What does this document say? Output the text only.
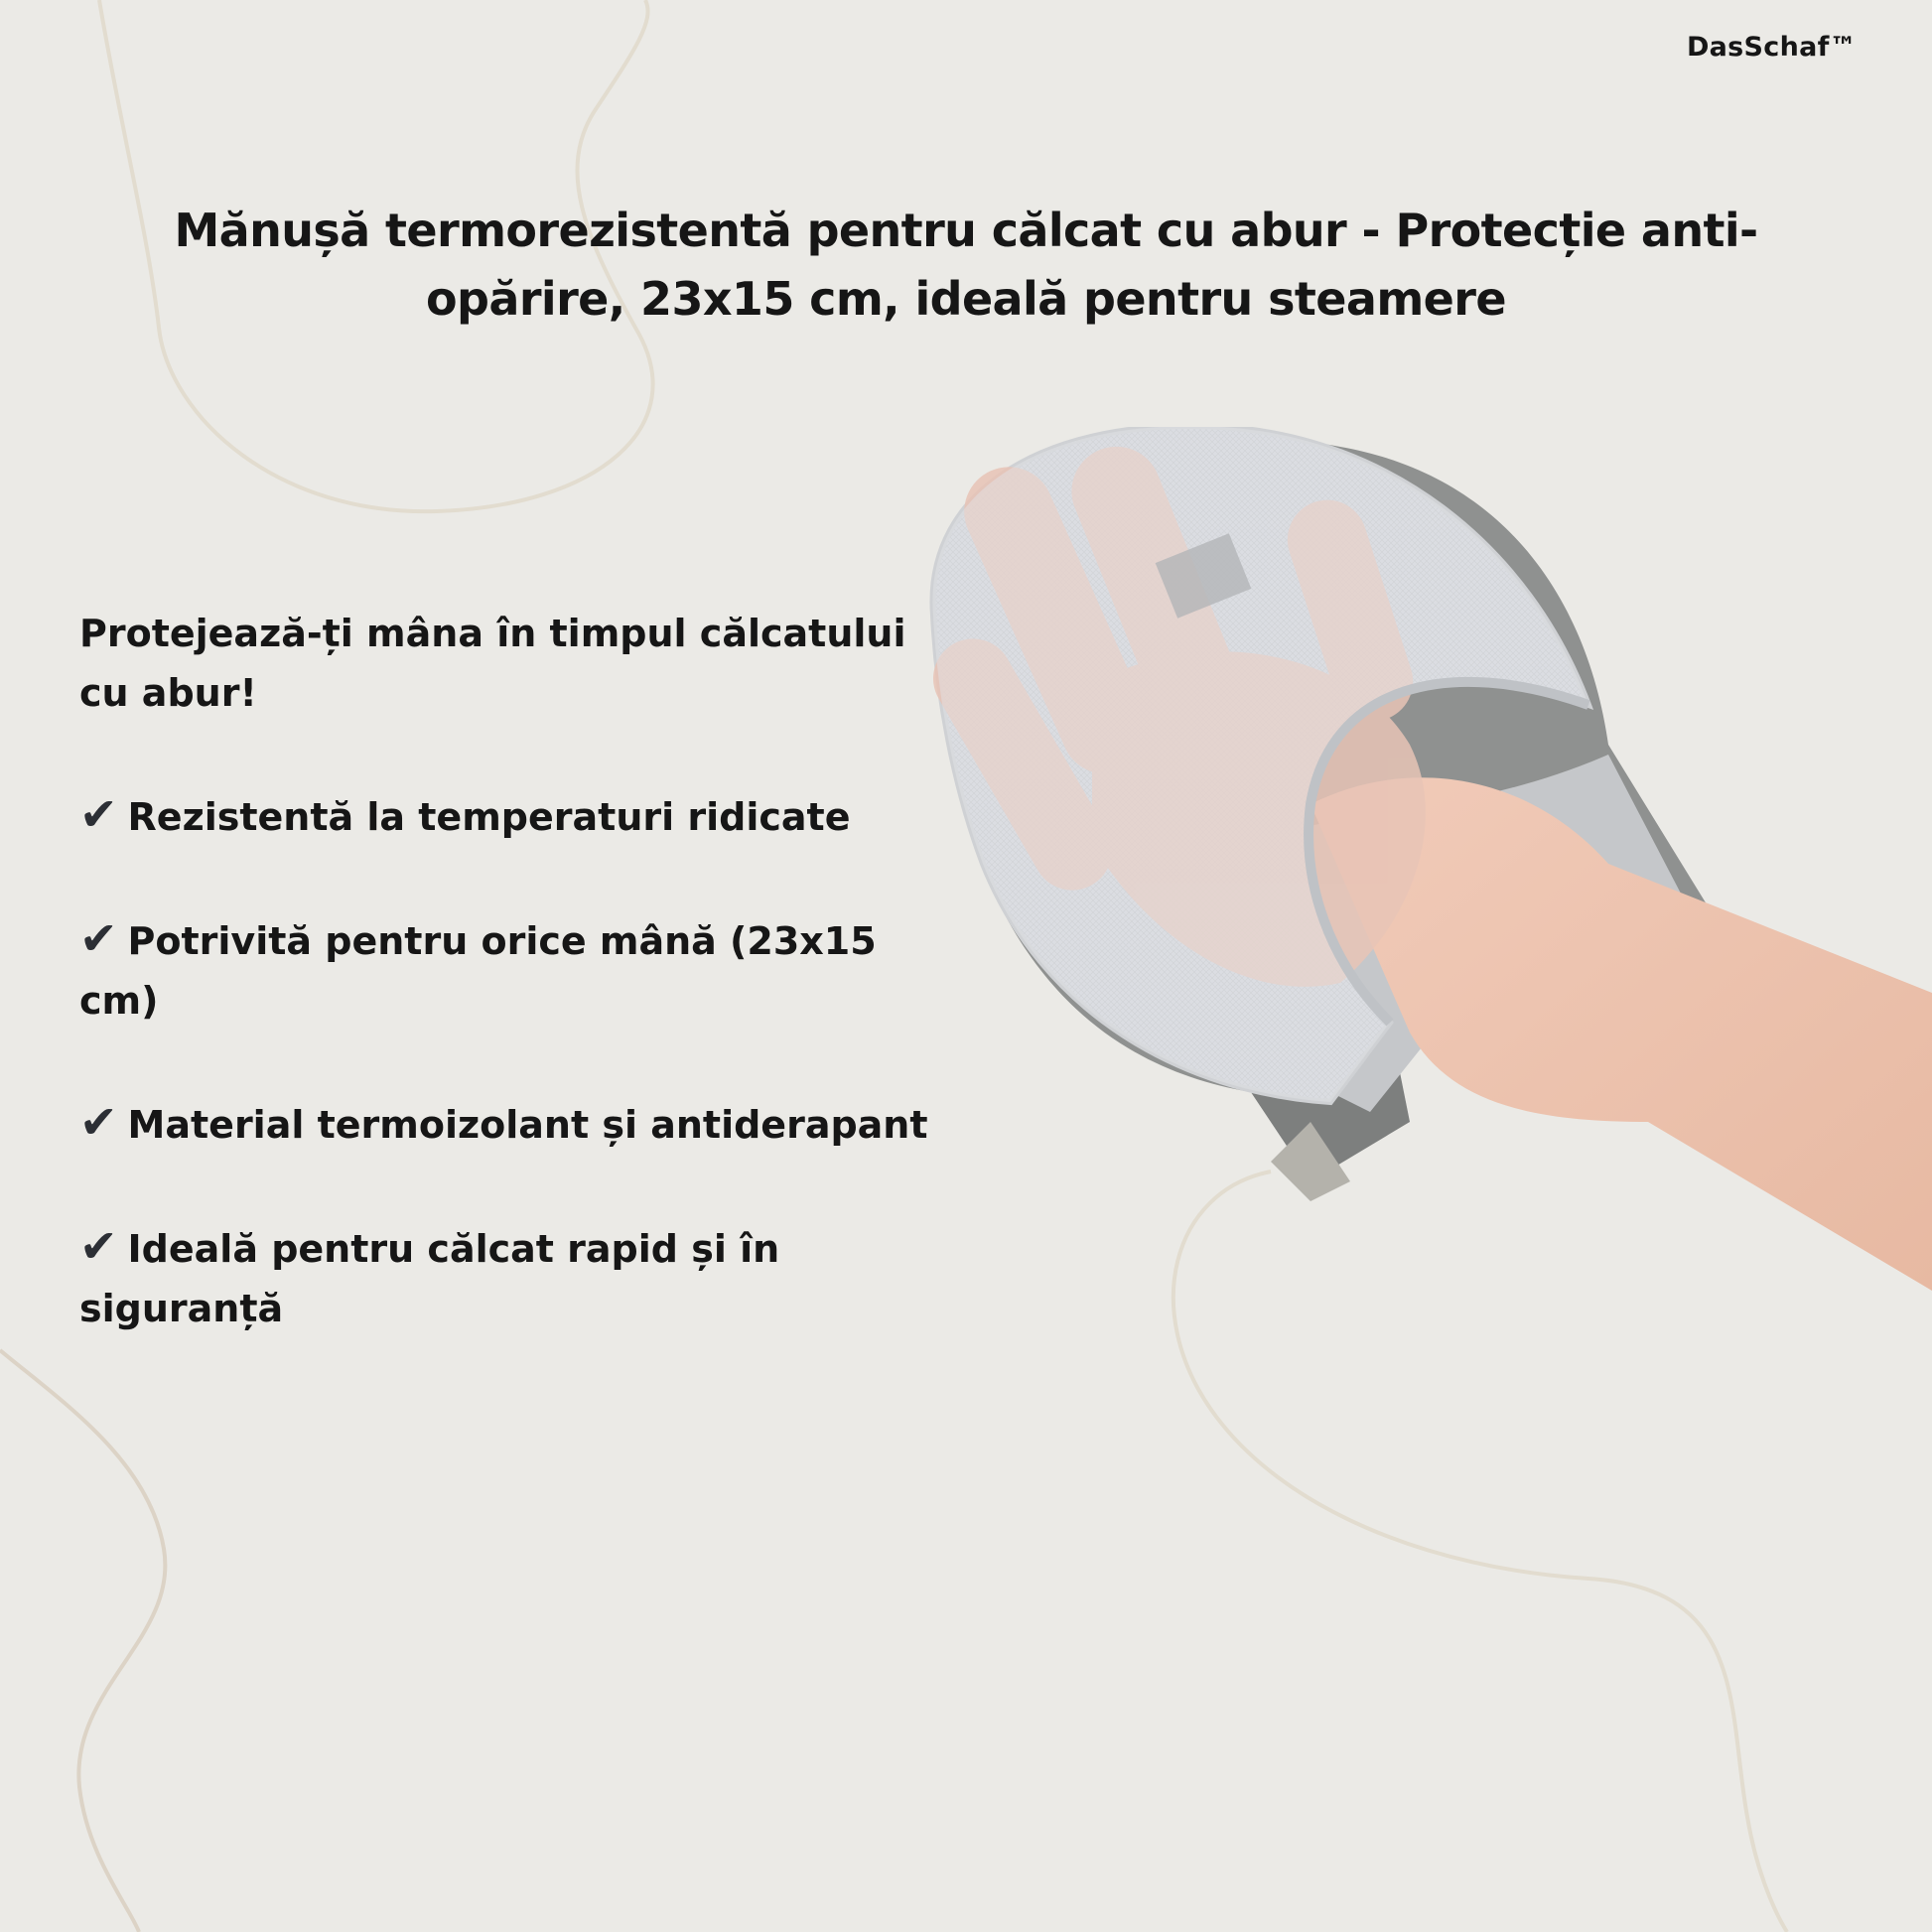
DasSchaf™
Mănușă termorezistentă pentru călcat cu abur - Protecție anti-opărire, 23x15 cm, ideală pentru steamere

Protejează-ți mâna în timpul călcatului cu abur!

✔ Rezistentă la temperaturi ridicate
✔ Potrivită pentru orice mână (23x15 cm)
✔ Material termoizolant și antiderapant
✔ Ideală pentru călcat rapid și în siguranță
